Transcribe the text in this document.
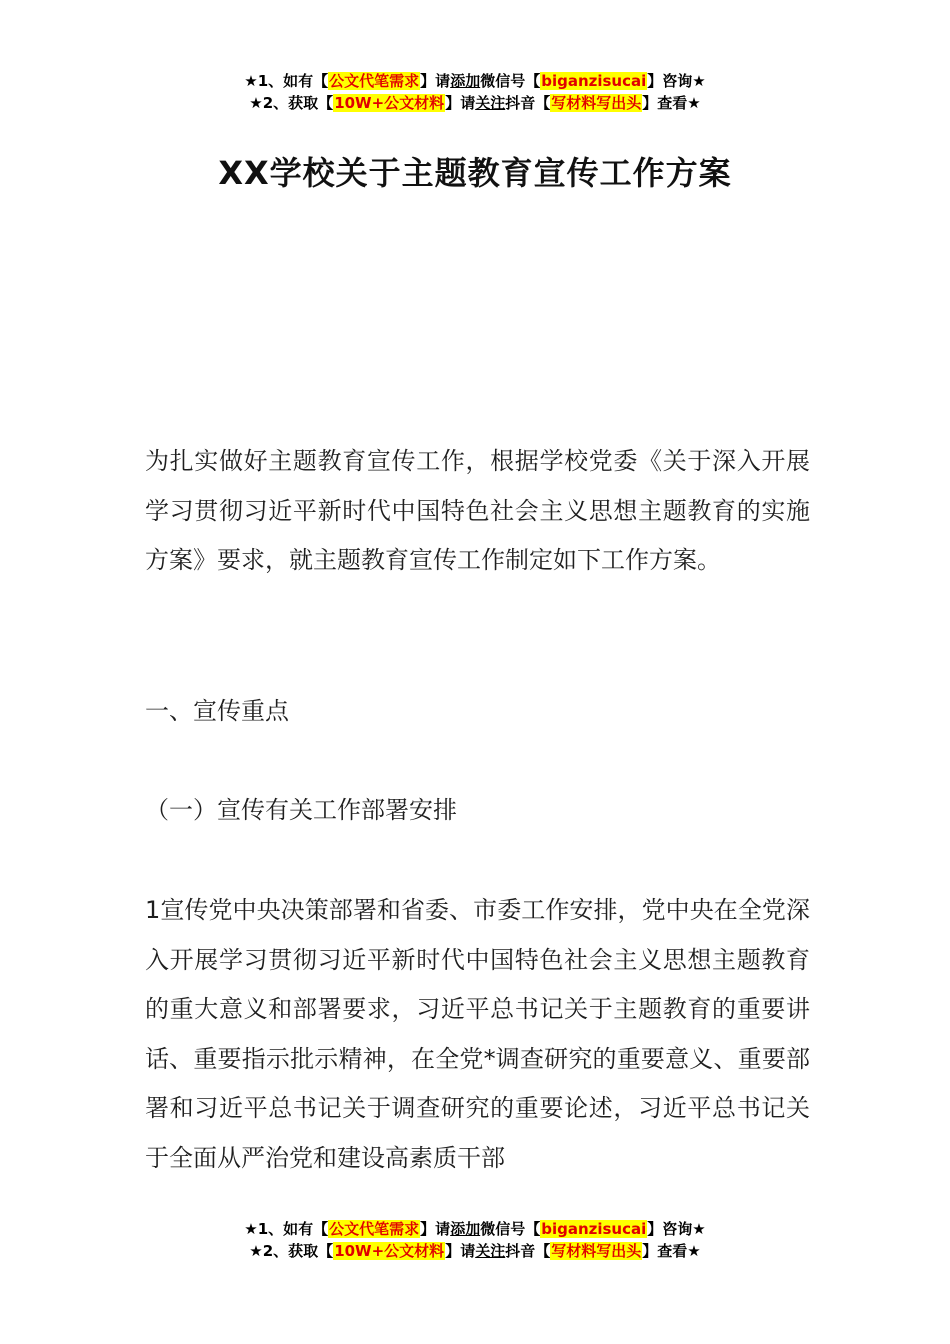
★1、如有【公文代笔需求】请添加微信号【biganzisucai】咨询★
★2、获取【10W+公文材料】请关注抖音【写材料写出头】查看★
XX学校关于主题教育宣传工作方案

为扎实做好主题教育宣传工作，根据学校党委《关于深入开展学习贯彻习近平新时代中国特色社会主义思想主题教育的实施方案》要求，就主题教育宣传工作制定如下工作方案。

一、宣传重点

（一）宣传有关工作部署安排

1宣传党中央决策部署和省委、市委工作安排，党中央在全党深入开展学习贯彻习近平新时代中国特色社会主义思想主题教育的重大意义和部署要求，习近平总书记关于主题教育的重要讲话、重要指示批示精神，在全党*调查研究的重要意义、重要部署和习近平总书记关于调查研究的重要论述，习近平总书记关于全面从严治党和建设高素质干部

★1、如有【公文代笔需求】请添加微信号【biganzisucai】咨询★
★2、获取【10W+公文材料】请关注抖音【写材料写出头】查看★
